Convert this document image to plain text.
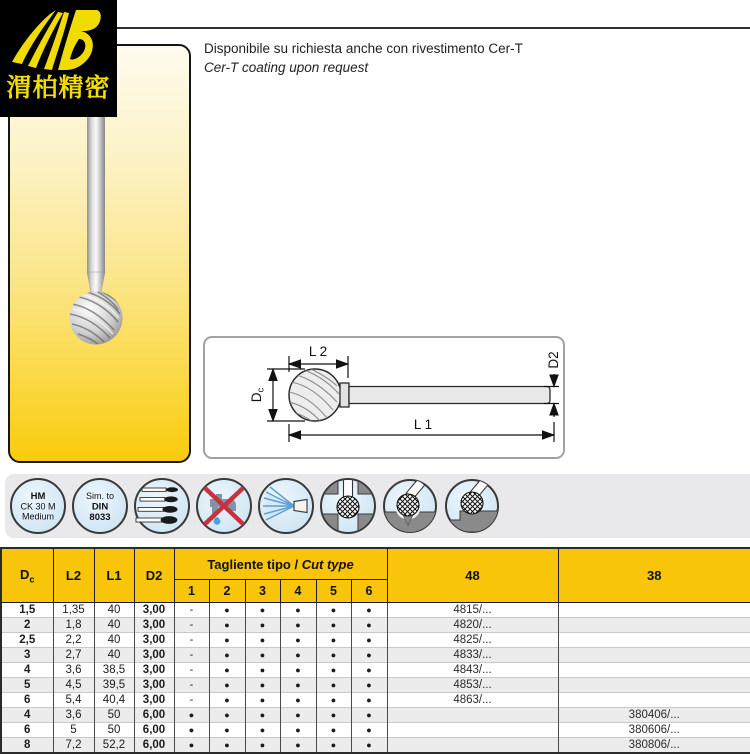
渭柏精密
Disponibile su richiesta anche con rivestimento Cer-T
Cer-T coating upon request
L 2
Dc
D2
L 1
HM
CK 30 M
Medium
Sim. to
DIN
8033
$D_c$	L2	L1	D2	Tagliente tipo / Cut type						48	38
				1	2	3	4	5	6		
1,5	1,35	40	3,00	-	●	●	●	●	●	4815/...	
2	1,8	40	3,00	-	●	●	●	●	●	4820/...	
2,5	2,2	40	3,00	-	●	●	●	●	●	4825/...	
3	2,7	40	3,00	-	●	●	●	●	●	4833/...	
4	3,6	38,5	3,00	-	●	●	●	●	●	4843/...	
5	4,5	39,5	3,00	-	●	●	●	●	●	4853/...	
6	5,4	40,4	3,00	-	●	●	●	●	●	4863/...	
4	3,6	50	6,00	●	●	●	●	●	●		380406/...
6	5	50	6,00	●	●	●	●	●	●		380606/...
8	7,2	52,2	6,00	●	●	●	●	●	●		380806/...
